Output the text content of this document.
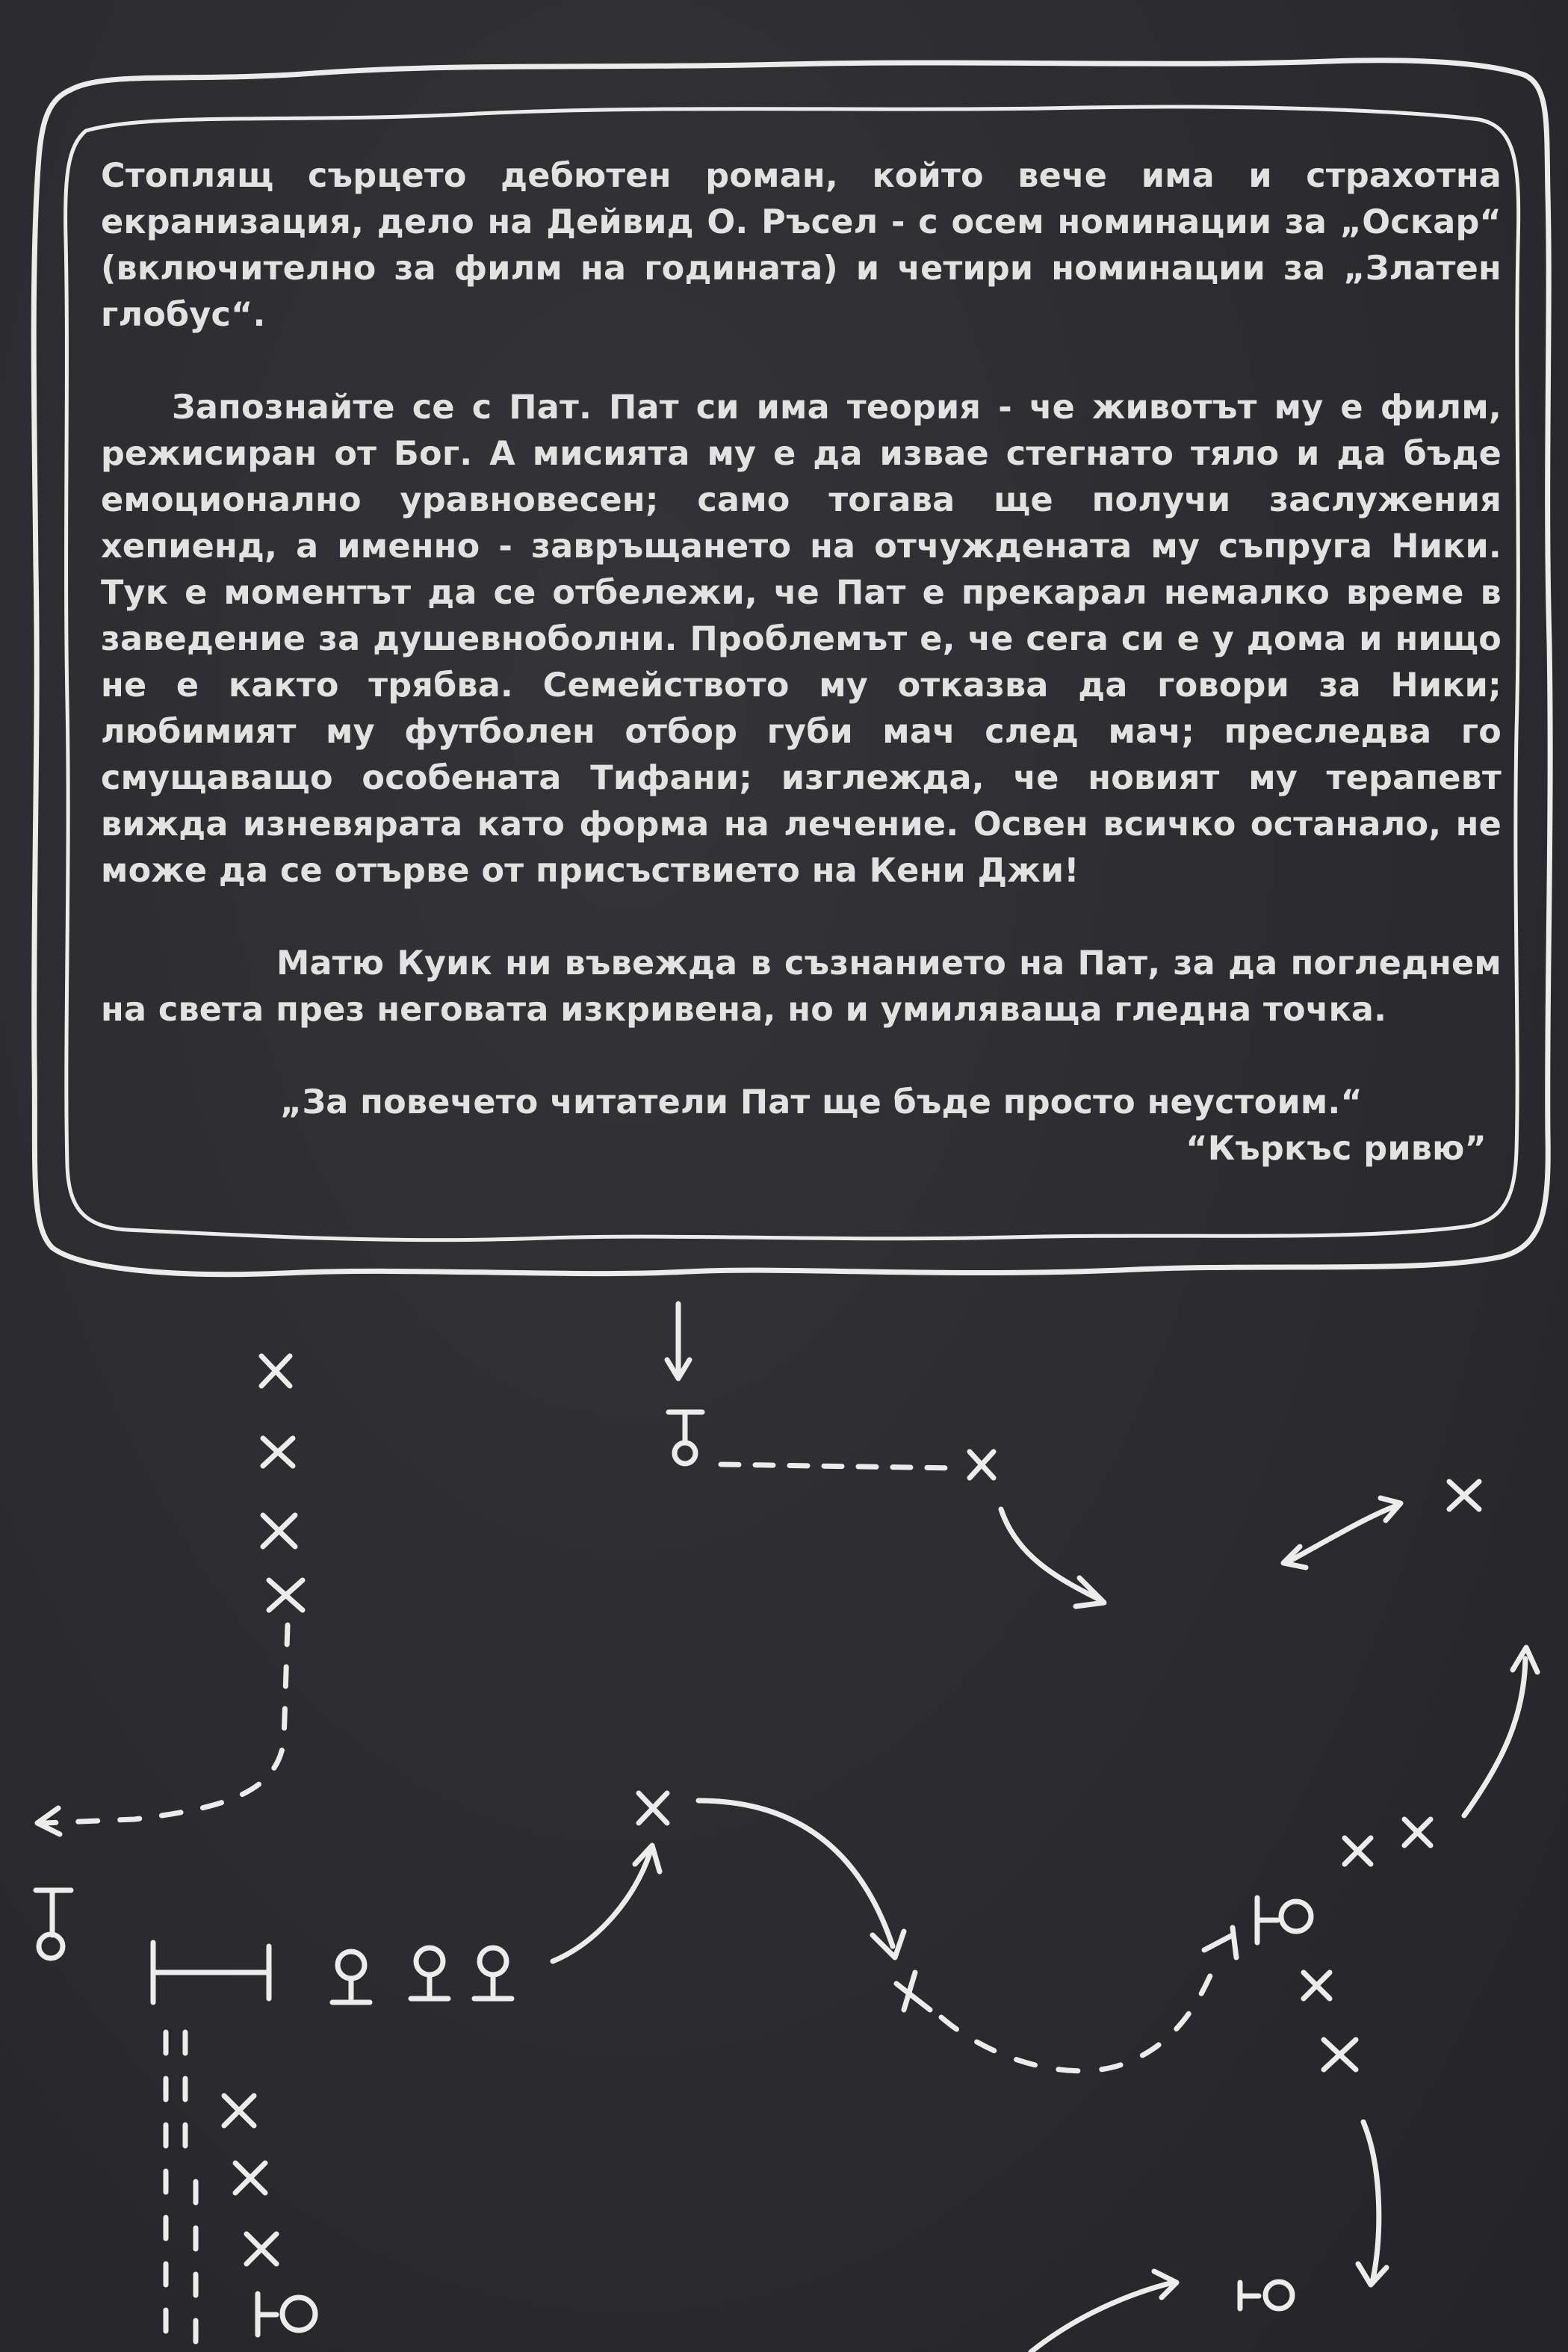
Стоплящ сърцето дебютен роман, който вече има и страхотна екранизация, дело на Дейвид О. Ръсел - с осем номинации за „Оскар“ (включително за филм на годината) и четири номинации за „Златен глобус“.

Запознайте се с Пат. Пат си има теория - че животът му е филм, режисиран от Бог. А мисията му е да извае стегнато тяло и да бъде емоционално уравновесен; само тогава ще получи заслужения хепиенд, а именно - завръщането на отчуждената му съпруга Ники. Тук е моментът да се отбележи, че Пат е прекарал немалко време в заведение за душевноболни. Проблемът е, че сега си е у дома и нищо не е както трябва. Семейството му отказва да говори за Ники; любимият му футболен отбор губи мач след мач; преследва го смущаващо особената Тифани; изглежда, че новият му терапевт вижда изневярата като форма на лечение. Освен всичко останало, не може да се отърве от присъствието на Кени Джи!

Матю Куик ни въвежда в съзнанието на Пат, за да погледнем на света през неговата изкривена, но и умиляваща гледна точка.

„За повечето читатели Пат ще бъде просто неустоим.“

“Къркъс ривю”
